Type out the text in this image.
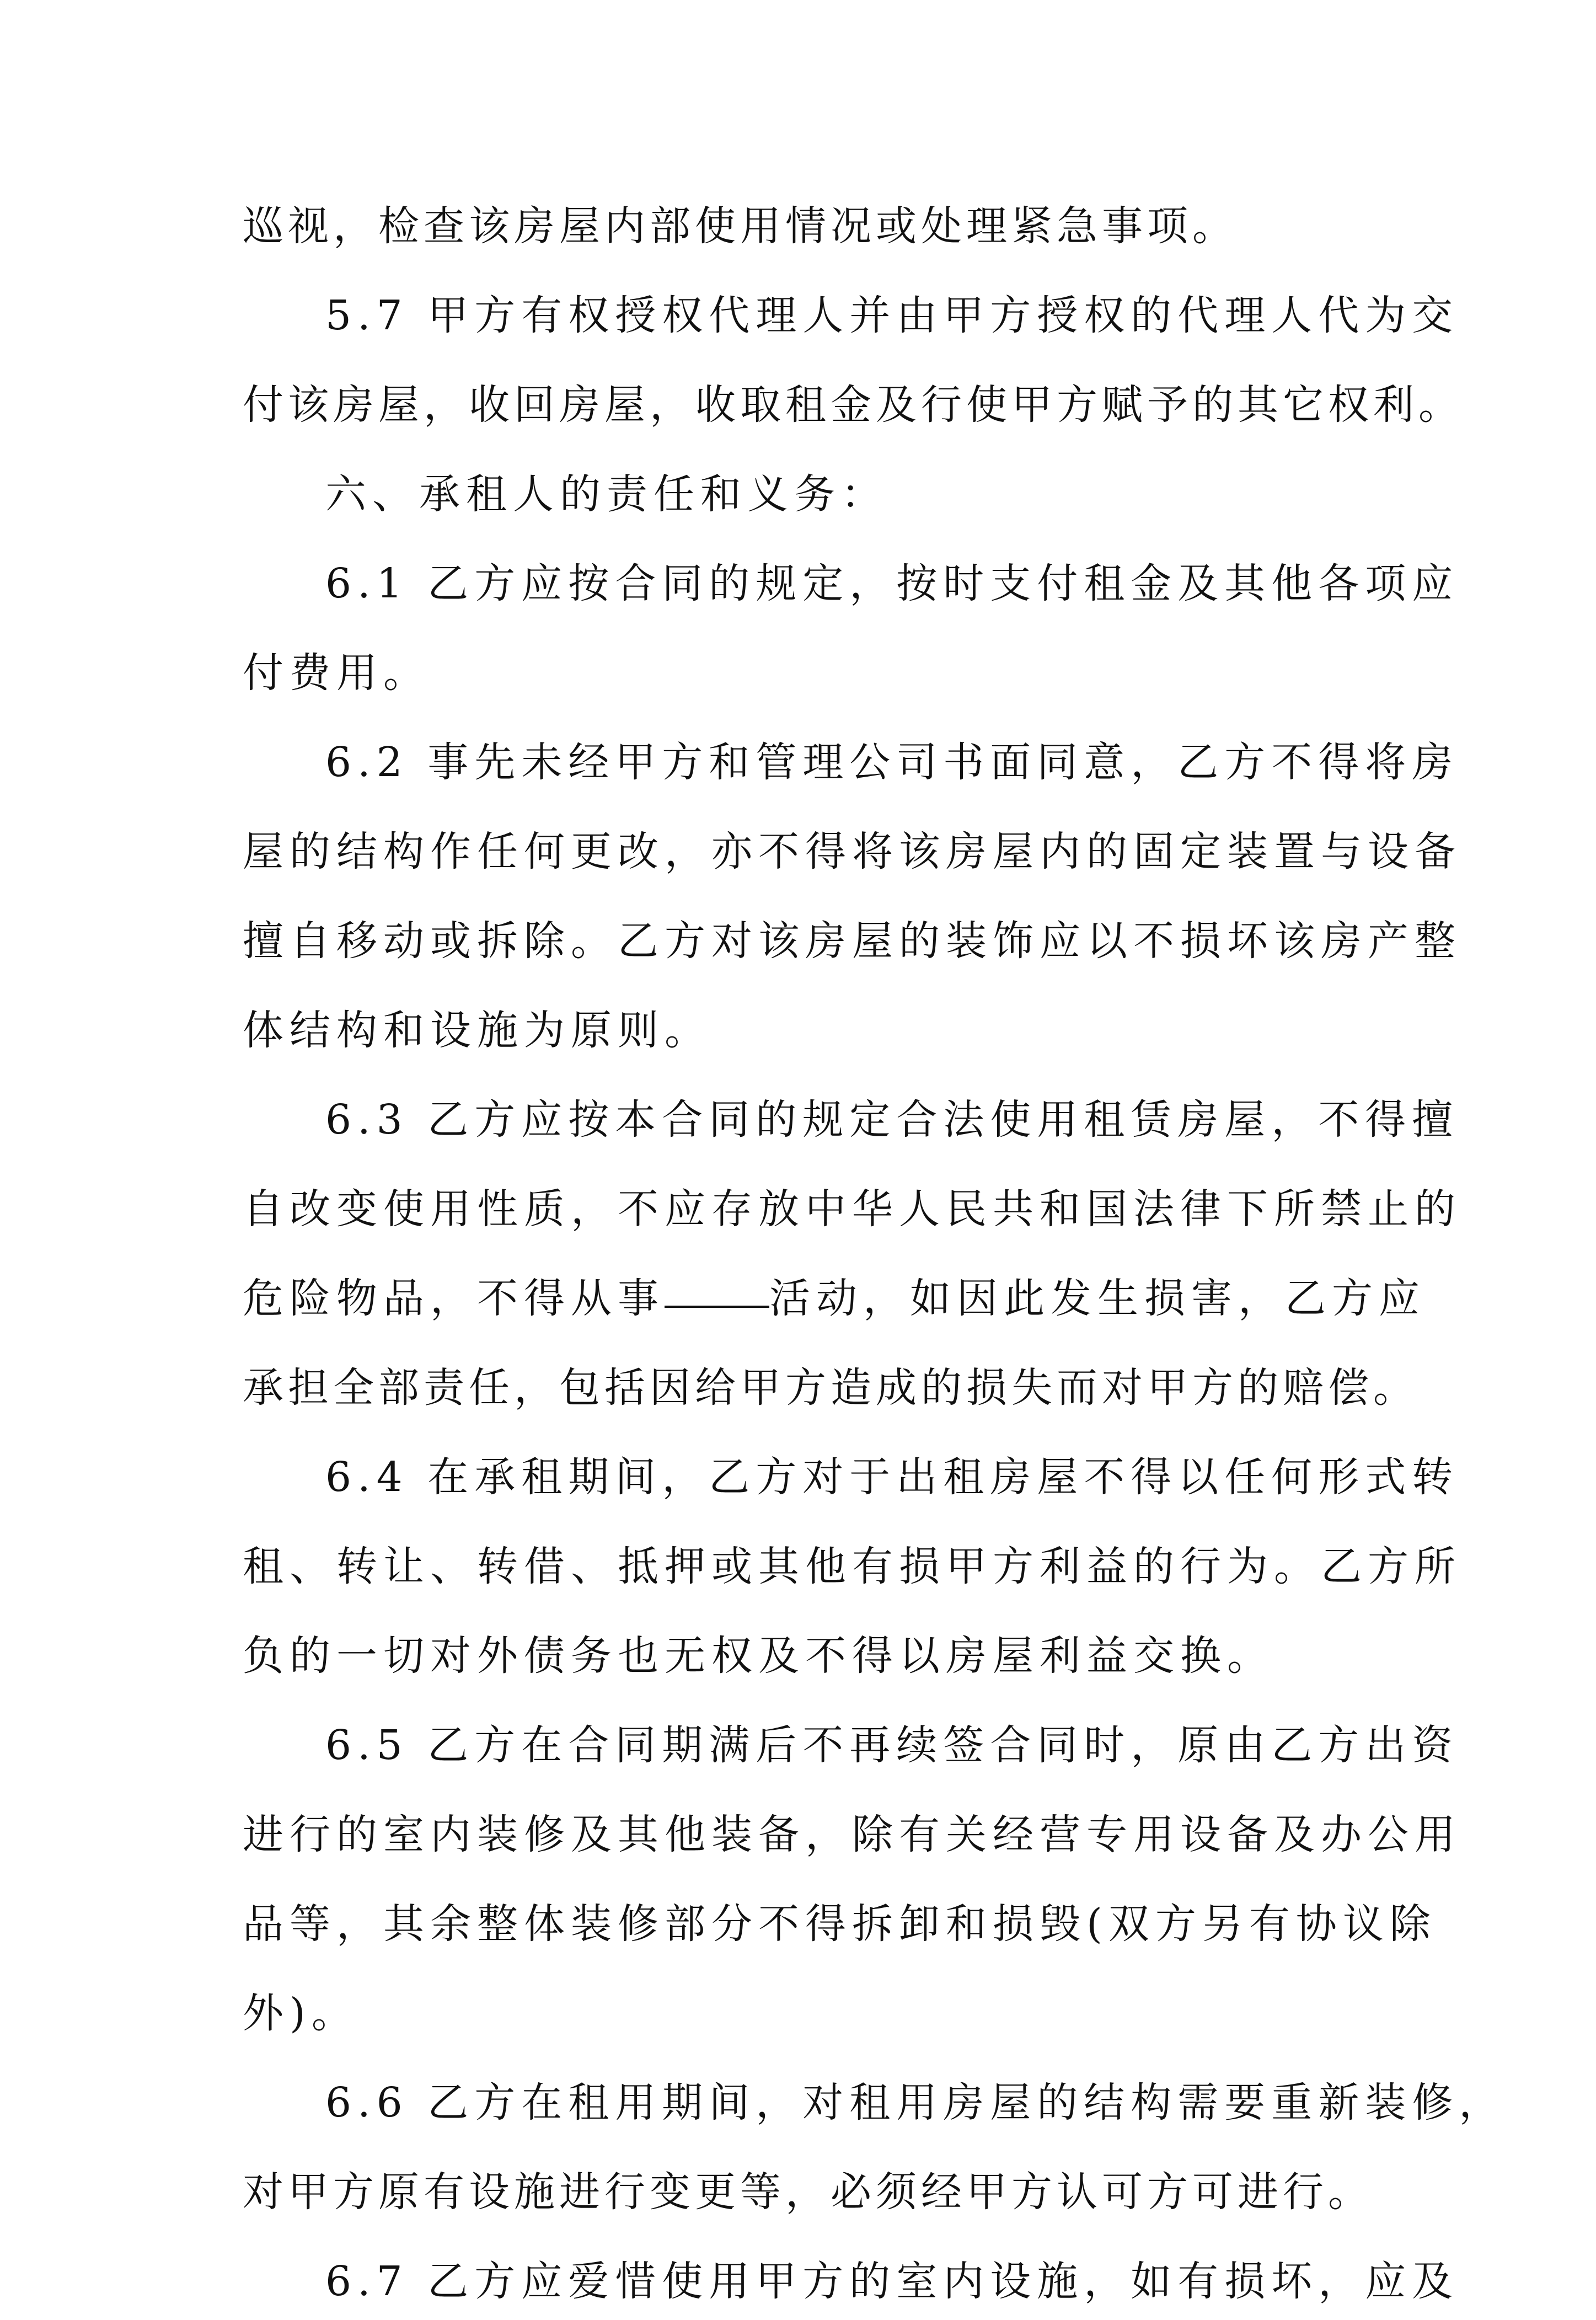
巡视，检查该房屋内部使用情况或处理紧急事项。
5.7 甲方有权授权代理人并由甲方授权的代理人代为交
付该房屋，收回房屋，收取租金及行使甲方赋予的其它权利。
六、承租人的责任和义务：
6.1 乙方应按合同的规定，按时支付租金及其他各项应
付费用。
6.2 事先未经甲方和管理公司书面同意，乙方不得将房
屋的结构作任何更改，亦不得将该房屋内的固定装置与设备
擅自移动或拆除。乙方对该房屋的装饰应以不损坏该房产整
体结构和设施为原则。
6.3 乙方应按本合同的规定合法使用租赁房屋，不得擅
自改变使用性质，不应存放中华人民共和国法律下所禁止的
危险物品，不得从事	活动，如因此发生损害，乙方应
承担全部责任，包括因给甲方造成的损失而对甲方的赔偿。
6.4 在承租期间，乙方对于出租房屋不得以任何形式转
租、转让、转借、抵押或其他有损甲方利益的行为。乙方所
负的一切对外债务也无权及不得以房屋利益交换。
6.5 乙方在合同期满后不再续签合同时，原由乙方出资
进行的室内装修及其他装备，除有关经营专用设备及办公用
品等，其余整体装修部分不得拆卸和损毁(双方另有协议除
外)。
6.6 乙方在租用期间，对租用房屋的结构需要重新装修，
对甲方原有设施进行变更等，必须经甲方认可方可进行。
6.7 乙方应爱惜使用甲方的室内设施，如有损坏，应及
